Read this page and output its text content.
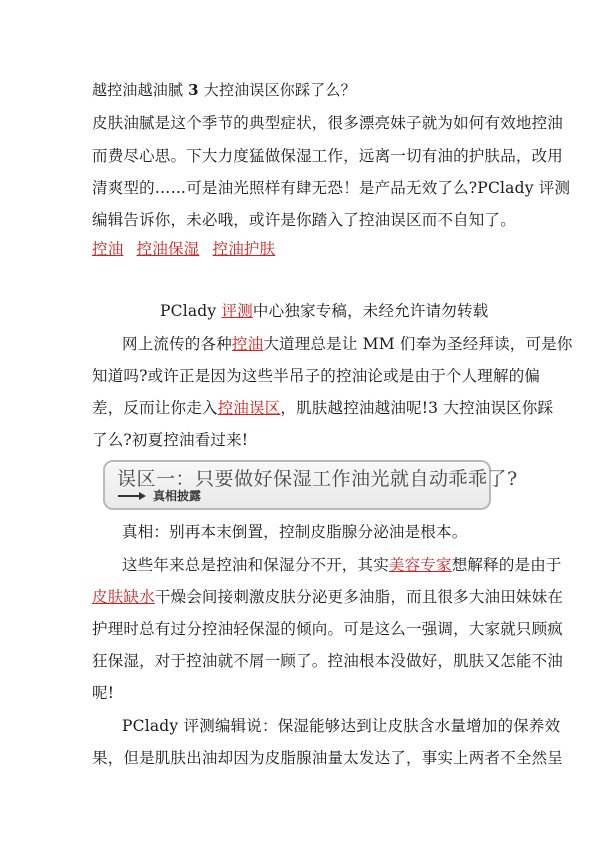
越控油越油腻 3 大控油误区你踩了么？
皮肤油腻是这个季节的典型症状，很多漂亮妹子就为如何有效地控油
而费尽心思。下大力度猛做保湿工作，远离一切有油的护肤品，改用
清爽型的……可是油光照样有肆无恐！是产品无效了么?PClady 评测
编辑告诉你，未必哦，或许是你踏入了控油误区而不自知了。
控油 控油保湿 控油护肤
PClady 评测中心独家专稿，未经允许请勿转载
网上流传的各种控油大道理总是让 MM 们奉为圣经拜读，可是你
知道吗?或许正是因为这些半吊子的控油论或是由于个人理解的偏
差，反而让你走入控油误区，肌肤越控油越油呢!3 大控油误区你踩
了么?初夏控油看过来!
误区一：只要做好保湿工作油光就自动乖乖了?
真相披露
真相：别再本末倒置，控制皮脂腺分泌油是根本。
这些年来总是控油和保湿分不开，其实美容专家想解释的是由于
皮肤缺水干燥会间接刺激皮肤分泌更多油脂，而且很多大油田妹妹在
护理时总有过分控油轻保湿的倾向。可是这么一强调，大家就只顾疯
狂保湿，对于控油就不屑一顾了。控油根本没做好，肌肤又怎能不油
呢!
PClady 评测编辑说：保湿能够达到让皮肤含水量增加的保养效
果，但是肌肤出油却因为皮脂腺油量太发达了，事实上两者不全然呈
